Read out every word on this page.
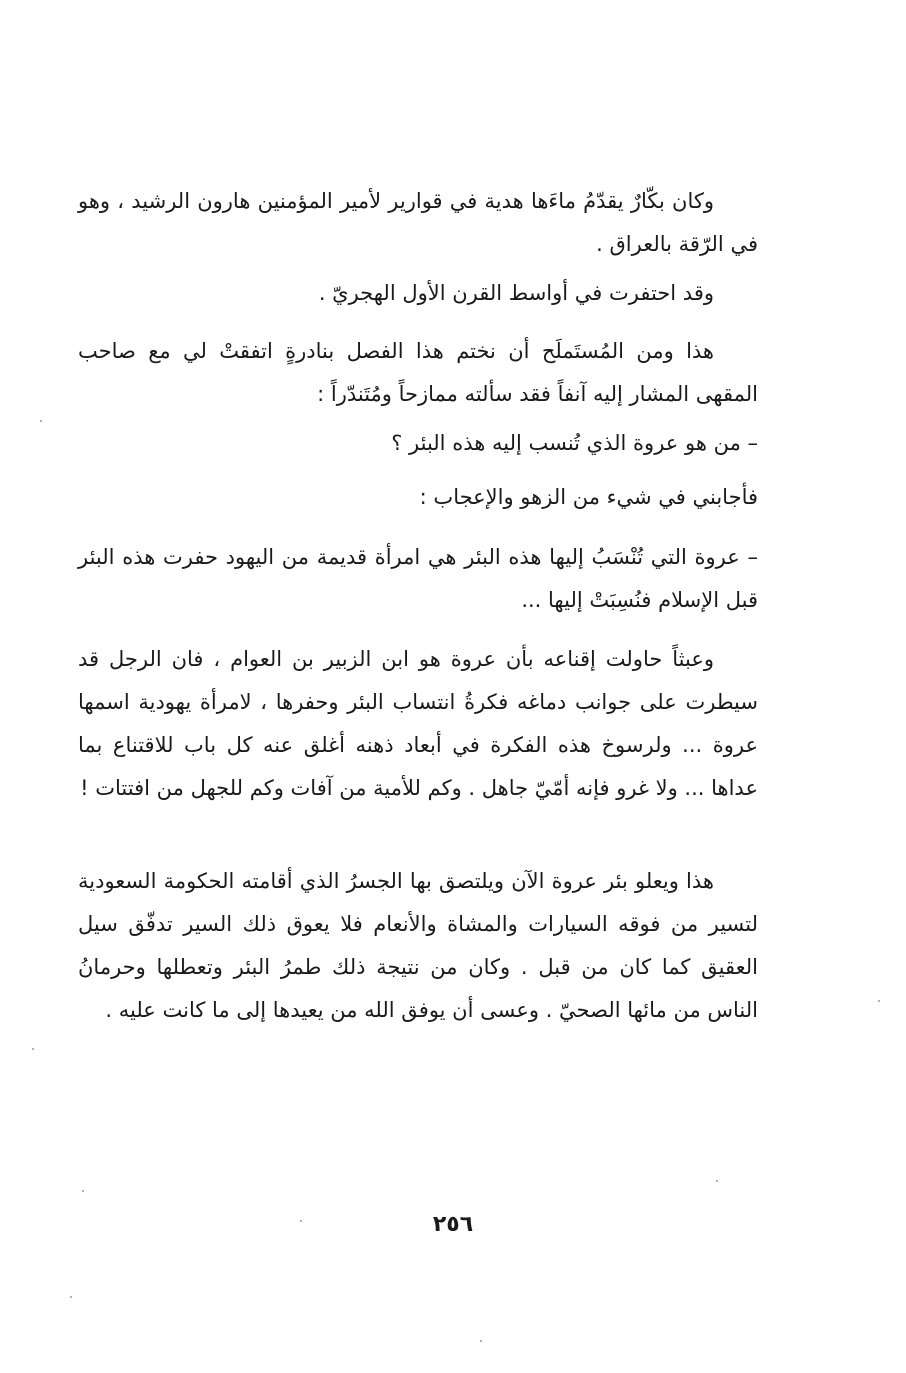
وكان بكّارٌ يقدّمُ ماءَها هدية في قوارير لأمير المؤمنين هارون الرشيد ، وهو في الرّقة بالعراق .

وقد احتفرت في أواسط القرن الأول الهجريّ .

هذا ومن المُستَملَح أن نختم هذا الفصل بنادرةٍ اتفقتْ لي مع صاحب المقهى المشار إليه آنفاً فقد سألته ممازحاً ومُتَندّراً :

– من هو عروة الذي تُنسب إليه هذه البئر ؟

فأجابني في شيء من الزهو والإعجاب :

– عروة التي تُنْسَبُ إليها هذه البئر هي امرأة قديمة من اليهود حفرت هذه البئر قبل الإسلام فنُسِبَتْ إليها ...

وعبثاً حاولت إقناعه بأن عروة هو ابن الزبير بن العوام ، فان الرجل قد سيطرت على جوانب دماغه فكرةُ انتساب البئر وحفرها ، لامرأة يهودية اسمها عروة ... ولرسوخ هذه الفكرة في أبعاد ذهنه أغلق عنه كل باب للاقتناع بما عداها ... ولا غرو فإنه أمّيّ جاهل . وكم للأمية من آفات وكم للجهل من افتتات !

هذا ويعلو بئر عروة الآن ويلتصق بها الجسرُ الذي أقامته الحكومة السعودية لتسير من فوقه السيارات والمشاة والأنعام فلا يعوق ذلك السير تدفّق سيل العقيق كما كان من قبل . وكان من نتيجة ذلك طمرُ البئر وتعطلها وحرمانُ الناس من مائها الصحيّ . وعسى أن يوفق الله من يعيدها إلى ما كانت عليه .

٢٥٦
